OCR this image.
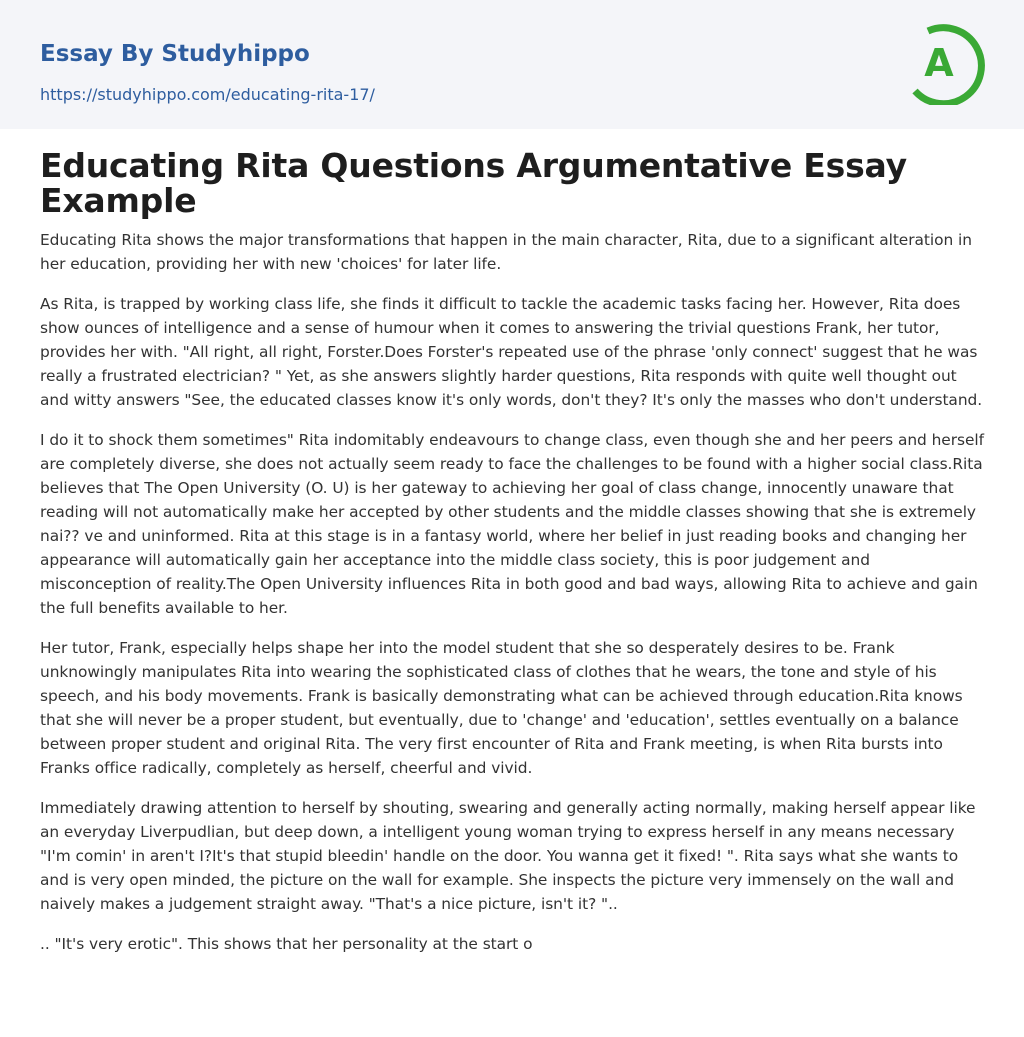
Essay By Studyhippo
https://studyhippo.com/educating-rita-17/
A
Educating Rita Questions Argumentative Essay Example

Educating Rita shows the major transformations that happen in the main character, Rita, due to a significant alteration in her education, providing her with new 'choices' for later life.

As Rita, is trapped by working class life, she finds it difficult to tackle the academic tasks facing her. However, Rita does show ounces of intelligence and a sense of humour when it comes to answering the trivial questions Frank, her tutor, provides her with. "All right, all right, Forster.Does Forster's repeated use of the phrase 'only connect' suggest that he was really a frustrated electrician? " Yet, as she answers slightly harder questions, Rita responds with quite well thought out and witty answers "See, the educated classes know it's only words, don't they? It's only the masses who don't understand.

I do it to shock them sometimes" Rita indomitably endeavours to change class, even though she and her peers and herself are completely diverse, she does not actually seem ready to face the challenges to be found with a higher social class.Rita believes that The Open University (O. U) is her gateway to achieving her goal of class change, innocently unaware that reading will not automatically make her accepted by other students and the middle classes showing that she is extremely nai?? ve and uninformed. Rita at this stage is in a fantasy world, where her belief in just reading books and changing her appearance will automatically gain her acceptance into the middle class society, this is poor judgement and misconception of reality.The Open University influences Rita in both good and bad ways, allowing Rita to achieve and gain the full benefits available to her.

Her tutor, Frank, especially helps shape her into the model student that she so desperately desires to be. Frank unknowingly manipulates Rita into wearing the sophisticated class of clothes that he wears, the tone and style of his speech, and his body movements. Frank is basically demonstrating what can be achieved through education.Rita knows that she will never be a proper student, but eventually, due to 'change' and 'education', settles eventually on a balance between proper student and original Rita. The very first encounter of Rita and Frank meeting, is when Rita bursts into Franks office radically, completely as herself, cheerful and vivid.

Immediately drawing attention to herself by shouting, swearing and generally acting normally, making herself appear like an everyday Liverpudlian, but deep down, a intelligent young woman trying to express herself in any means necessary "I'm comin' in aren't I?It's that stupid bleedin' handle on the door. You wanna get it fixed! ". Rita says what she wants to and is very open minded, the picture on the wall for example. She inspects the picture very immensely on the wall and naively makes a judgement straight away. "That's a nice picture, isn't it? "..

.. "It's very erotic". This shows that her personality at the start o
